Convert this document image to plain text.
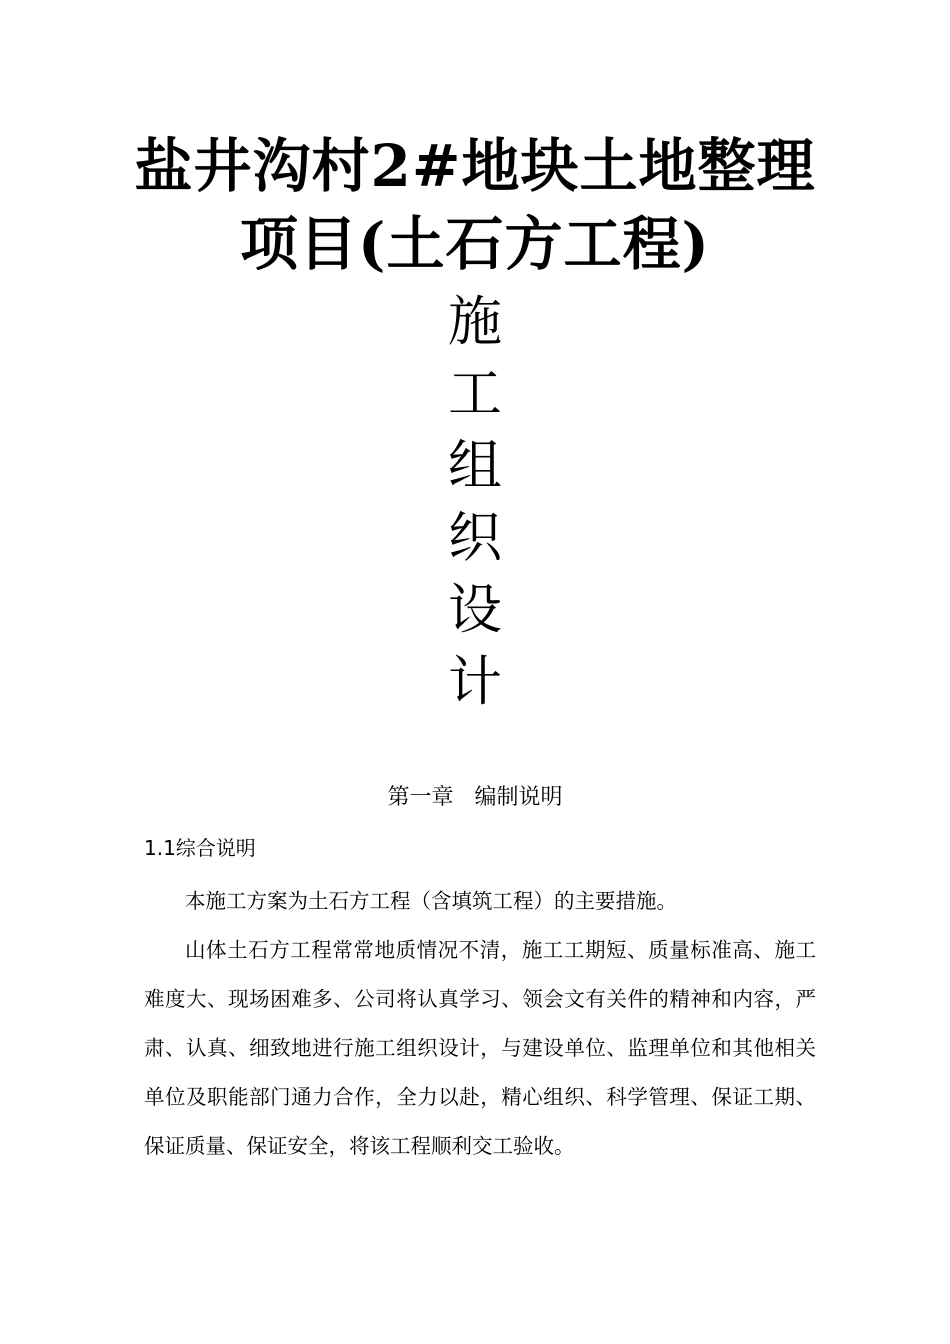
盐井沟村2#地块土地整理
项目(土石方工程)
施
工
组
织
设
计
第一章   编制说明
1.1综合说明

本施工方案为土石方工程（含填筑工程）的主要措施。

山体土石方工程常常地质情况不清，施工工期短、质量标准高、施工难度大、现场困难多、公司将认真学习、领会文有关件的精神和内容，严肃、认真、细致地进行施工组织设计，与建设单位、监理单位和其他相关单位及职能部门通力合作，全力以赴，精心组织、科学管理、保证工期、保证质量、保证安全，将该工程顺利交工验收。
